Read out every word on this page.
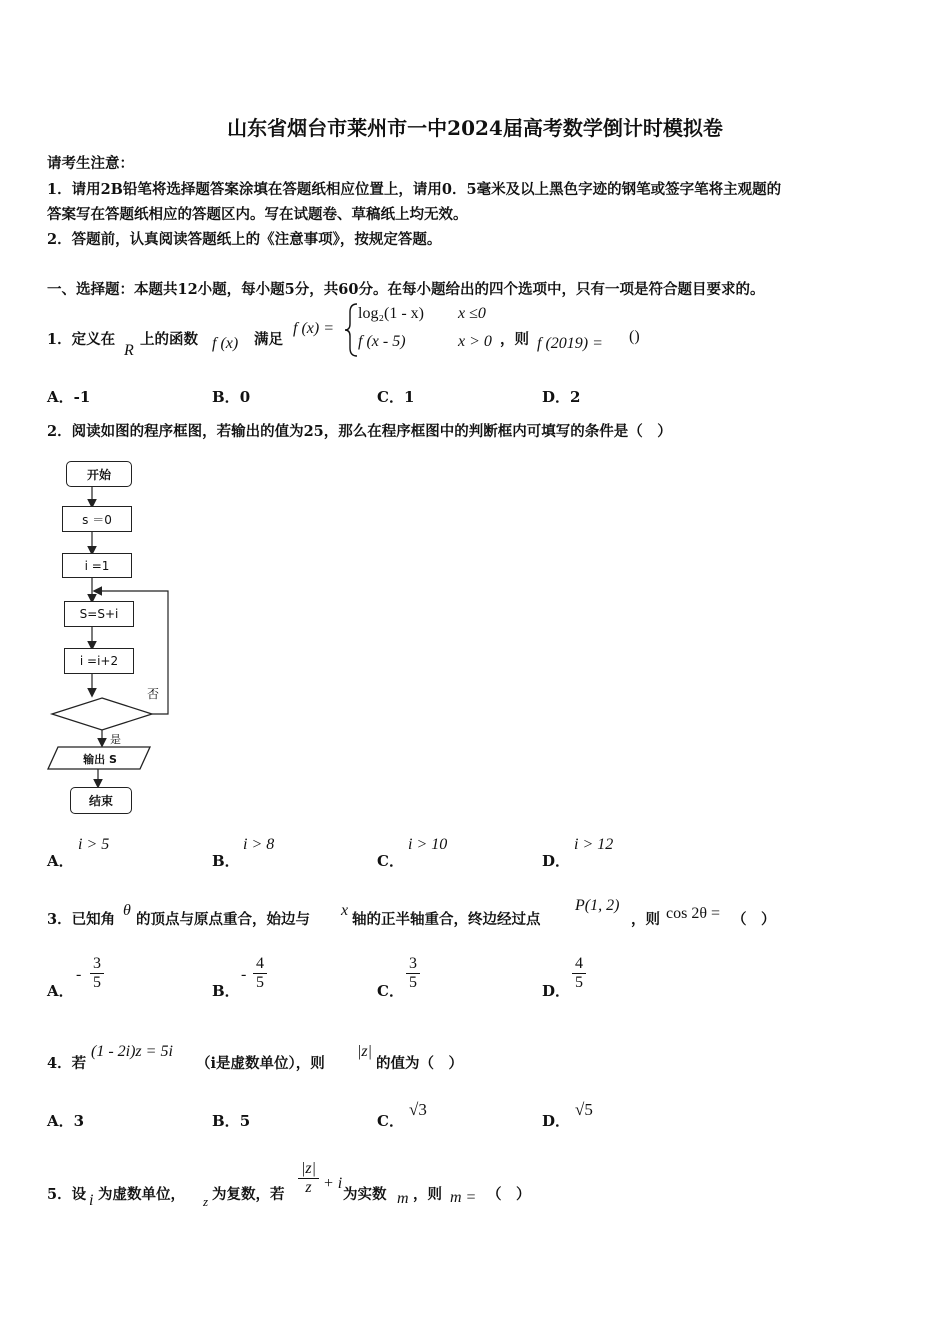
山东省烟台市莱州市一中2024届高考数学倒计时模拟卷
请考生注意：
1．请用2B铅笔将选择题答案涂填在答题纸相应位置上，请用0．5毫米及以上黑色字迹的钢笔或签字笔将主观题的
答案写在答题纸相应的答题区内。写在试题卷、草稿纸上均无效。
2．答题前，认真阅读答题纸上的《注意事项》，按规定答题。
一、选择题：本题共12小题，每小题5分，共60分。在每小题给出的四个选项中，只有一项是符合题目要求的。
1．定义在
R
上的函数 f (x) 满足
f (x) =
log₂(1 - x) x ≤0
f (x - 5)	x > 0 ，则 f (2019) = ()
A．-1	B．0	C．1	D．2
2．阅读如图的程序框图，若输出的值为25，那么在程序框图中的判断框内可填写的条件是（　）
开始
s ＝0
i =1
S=S+i
i =i+2
否
是
输出 S
结束
A．
i > 5
B．
i > 8
C．
i > 10
D．
i > 12
3．已知角
θ
的顶点与原点重合，始边与
x
轴的正半轴重合，终边经过点
P(1, 2)
，则 cos 2θ = （　）
A．
- $\frac{3}{5}$	B．
- $\frac{4}{5}$	C． $\frac{3}{5}$	D． $\frac{4}{5}$
4．若
(1 - 2i)z = 5i
（i是虚数单位），则
|z|
的值为（　）
A．3	B．5	C．
√3
D．
√5
5．设 i 为虚数单位， z 为复数，若 $\frac{|z|}{z} + i$
为实数 m ，则 m = （　）
